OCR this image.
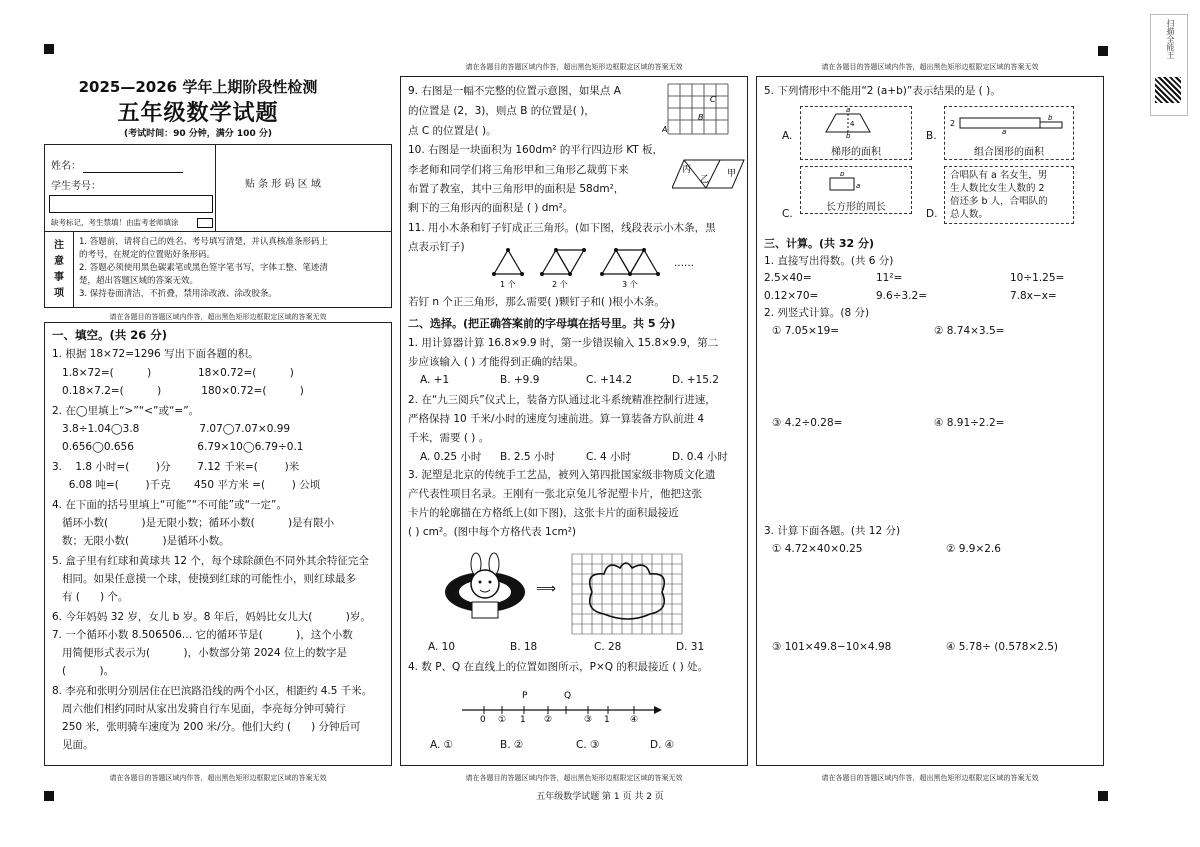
扫描全能王
2025—2026 学年上期阶段性检测
五年级数学试题
(考试时间：90 分钟，满分 100 分)
姓名：
学生考号：
缺考标记，考生禁填！由监考老师填涂
贴 条 形 码 区 域
注 意 事 项
1. 答题前，请将自己的姓名、考号填写清楚，并认真核准条形码上
的考号，在规定的位置贴好条形码。
2. 答题必须使用黑色碳素笔或黑色签字笔书写，字体工整、笔迹清
楚，超出答题区域的答案无效。
3. 保持卷面清洁，不折叠，禁用涂改液、涂改胶条。
请在各题目的答题区域内作答，超出黑色矩形边框限定区域的答案无效
一、填空。(共 26 分)
1. 根据 18×72=1296 写出下面各题的积。
1.8×72=(          )              18×0.72=(          )
0.18×7.2=(          )            180×0.72=(          )
2. 在◯里填上“>”“<”或“=”。
3.8÷1.04◯3.8                  7.07◯7.07×0.99
0.656◯0.656                   6.79×10◯6.79÷0.1
3.    1.8 小时=(        )分        7.12 千米=(        )米
6.08 吨=(        )千克       450 平方米 =(        ) 公顷
4. 在下面的括号里填上“可能”“不可能”或“一定”。
循环小数(          )是无限小数；循环小数(          )是有限小
数；无限小数(          )是循环小数。
5. 盒子里有红球和黄球共 12 个，每个球除颜色不同外其余特征完全
相同。如果任意摸一个球，使摸到红球的可能性小，则红球最多
有 (      ) 个。
6. 今年妈妈 32 岁，女儿 b 岁。8 年后，妈妈比女儿大(          )岁。
7. 一个循环小数 8.506506… 它的循环节是(          )，这个小数
用简便形式表示为(          )，小数部分第 2024 位上的数字是
(          )。
8. 李亮和张明分别居住在巴滨路沿线的两个小区，相距约 4.5 千米。
周六他们相约同时从家出发骑自行车见面，李亮每分钟可骑行
250 米，张明骑车速度为 200 米/分。他们大约 (      ) 分钟后可
见面。
请在各题目的答题区域内作答，超出黑色矩形边框限定区域的答案无效
请在各题目的答题区域内作答，超出黑色矩形边框限定区域的答案无效
9. 右图是一幅不完整的位置示意图，如果点 A
的位置是 (2，3)，则点 B 的位置是( )，
点 C 的位置是( )。
C
B
A
10. 右图是一块面积为 160dm² 的平行四边形 KT 板，
李老师和同学们将三角形甲和三角形乙裁剪下来
布置了教室，其中三角形甲的面积是 58dm²，
剩下的三角形丙的面积是 ( ) dm²。
丙
乙
甲
11. 用小木条和钉子钉成正三角形。(如下图，线段表示小木条，黑
点表示钉子)
1 个	2 个	3 个
……
若钉 n 个正三角形，那么需要( )颗钉子和( )根小木条。
二、选择。(把正确答案前的字母填在括号里。共 5 分)
1. 用计算器计算 16.8×9.9 时，第一步错误输入 15.8×9.9，第二
步应该输入 ( ) 才能得到正确的结果。
A. +1	B. +9.9	C. +14.2	D. +15.2
2. 在“九三阅兵”仪式上，装备方队通过北斗系统精准控制行进速，
严格保持 10 千米/小时的速度匀速前进。算一算装备方队前进 4
千米，需要 ( ) 。
A. 0.25 小时 B. 2.5 小时	C. 4 小时	D. 0.4 小时
3. 泥塑是北京的传统手工艺品，被列入第四批国家级非物质文化遗
产代表性项目名录。王刚有一张北京兔儿爷泥塑卡片，他把这张
卡片的轮廓描在方格纸上(如下图)，这张卡片的面积最接近
( ) cm²。(图中每个方格代表 1cm²)
⟹
A. 10	B. 18	C. 28	D. 31
4. 数 P、Q 在直线上的位置如图所示，P×Q 的积最接近 ( ) 处。
P	Q
0 ① 1 ②	③ 1 ④
A. ①	B. ②	C. ③	D. ④
请在各题目的答题区域内作答，超出黑色矩形边框限定区域的答案无效
请在各题目的答题区域内作答，超出黑色矩形边框限定区域的答案无效
5. 下列情形中不能用“2 (a+b)”表示结果的是 ( )。
A.
a
4
b
梯形的面积
B.
2
a
b
组合图形的面积
C.
a
b
长方形的周长
D.
合唱队有 a 名女生，男
生人数比女生人数的 2
倍还多 b 人，合唱队的
总人数。
三、计算。(共 32 分)
1. 直接写出得数。(共 6 分)
2.5×40=	11²=	10÷1.25=
0.12×70=	9.6÷3.2=	7.8x−x=
2. 列竖式计算。(8 分)
① 7.05×19=	② 8.74×3.5=
③ 4.2÷0.28=	④ 8.91÷2.2=
3. 计算下面各题。(共 12 分)
① 4.72×40×0.25	② 9.9×2.6
③ 101×49.8−10×4.98	④ 5.78÷ (0.578×2.5)
请在各题目的答题区域内作答，超出黑色矩形边框限定区域的答案无效
五年级数学试题 第 1 页 共 2 页
